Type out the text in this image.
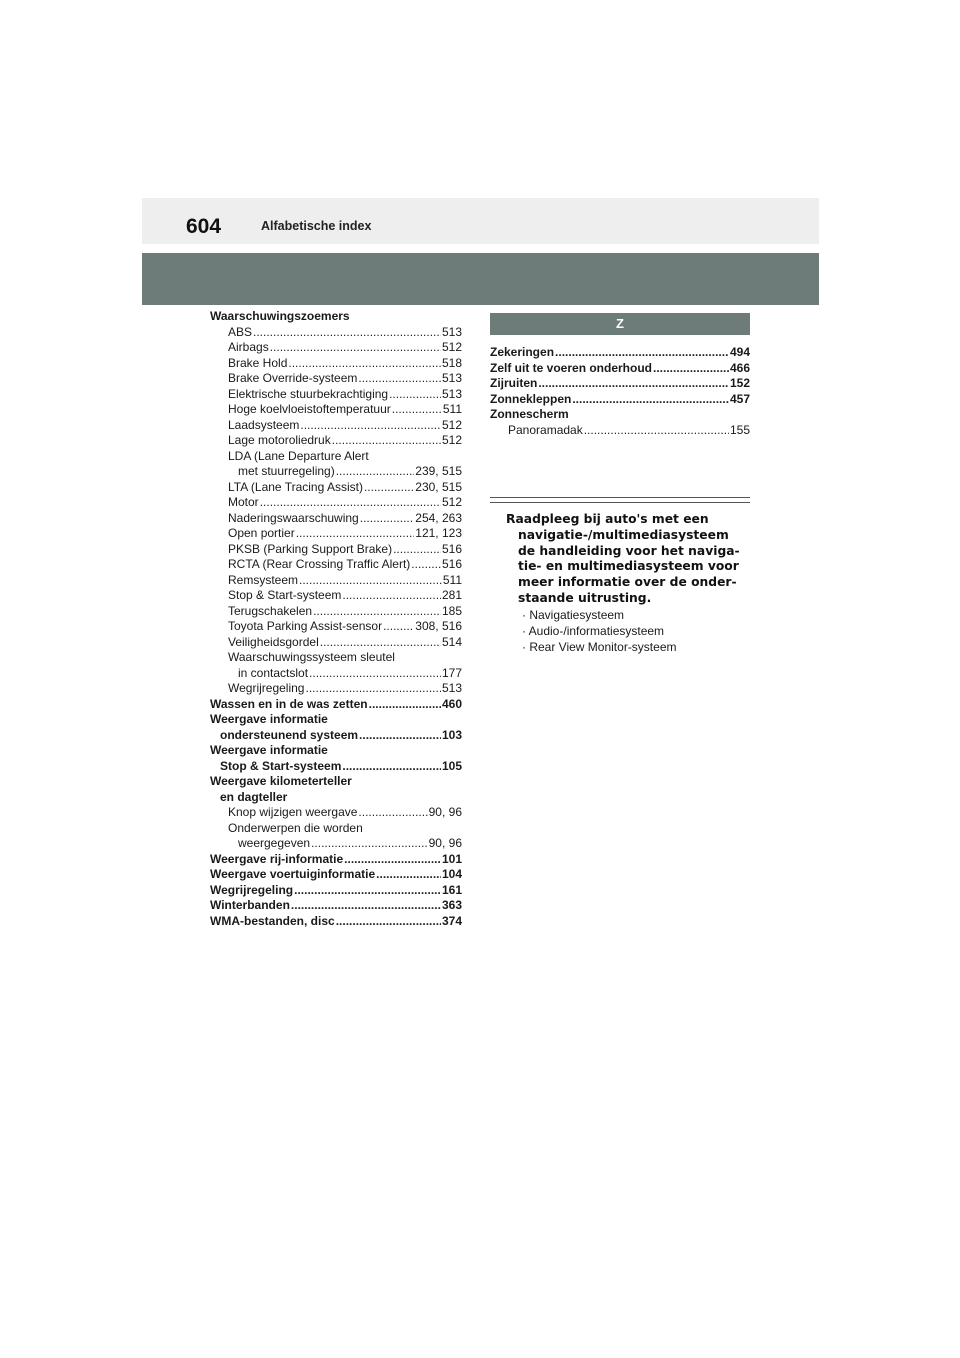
604	Alfabetische index
Waarschuwingszoemers
ABS .....	513
Airbags .....	512
Brake Hold .....	518
Brake Override-systeem .....	513
Elektrische stuurbekrachtiging .....	513
Hoge koelvloeistoftemperatuur .....	511
Laadsysteem .....	512
Lage motoroliedruk .....	512
LDA (Lane Departure Alert
met stuurregeling) .....	239, 515
LTA (Lane Tracing Assist) .....	230, 515
Motor .....	512
Naderingswaarschuwing .....	254, 263
Open portier .....	121, 123
PKSB (Parking Support Brake) .....	516
RCTA (Rear Crossing Traffic Alert) .....	516
Remsysteem .....	511
Stop & Start-systeem .....	281
Terugschakelen .....	185
Toyota Parking Assist-sensor .....	308, 516
Veiligheidsgordel .....	514
Waarschuwingssysteem sleutel
in contactslot .....	177
Wegrijregeling .....	513
Wassen en in de was zetten .....	460
Weergave informatie
ondersteunend systeem .....	103
Weergave informatie
Stop & Start-systeem .....	105
Weergave kilometerteller
en dagteller
Knop wijzigen weergave .....	90, 96
Onderwerpen die worden
weergegeven .....	90, 96
Weergave rij-informatie .....	101
Weergave voertuiginformatie .....	104
Wegrijregeling .....	161
Winterbanden .....	363
WMA-bestanden, disc .....	374
Z
Zekeringen .....	494
Zelf uit te voeren onderhoud .....	466
Zijruiten .....	152
Zonnekleppen .....	457
Zonnescherm
Panoramadak .....	155
Raadpleeg bij auto's met een
navigatie-/multimediasysteem
de handleiding voor het naviga-
tie- en multimediasysteem voor
meer informatie over de onder-
staande uitrusting.
· Navigatiesysteem
· Audio-/informatiesysteem
· Rear View Monitor-systeem
